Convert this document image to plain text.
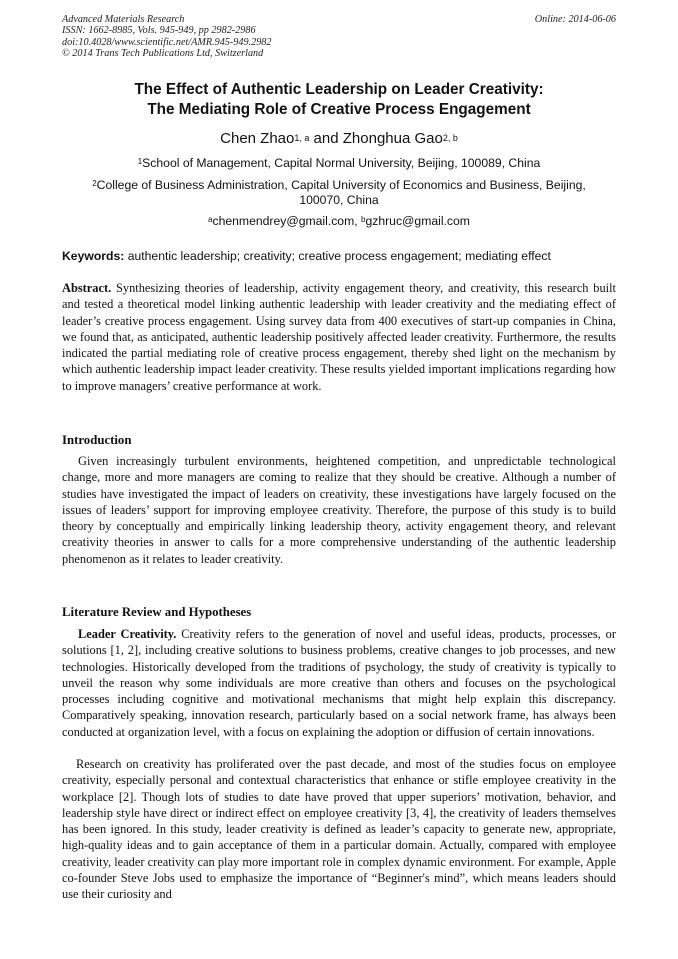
Advanced Materials Research
ISSN: 1662-8985, Vols. 945-949, pp 2982-2986
doi:10.4028/www.scientific.net/AMR.945-949.2982
© 2014 Trans Tech Publications Ltd, Switzerland
Online: 2014-06-06
The Effect of Authentic Leadership on Leader Creativity:
The Mediating Role of Creative Process Engagement
Chen Zhao$^{1, a}$ and Zhonghua Gao$^{2, b}$
$^1$School of Management, Capital Normal University, Beijing, 100089, China
$^2$College of Business Administration, Capital University of Economics and Business, Beijing,
100070, China
$^a$chenmendrey@gmail.com, $^b$gzhruc@gmail.com
Keywords: authentic leadership; creativity; creative process engagement; mediating effect
Abstract. Synthesizing theories of leadership, activity engagement theory, and creativity, this research built and tested a theoretical model linking authentic leadership with leader creativity and the mediating effect of leader’s creative process engagement. Using survey data from 400 executives of start-up companies in China, we found that, as anticipated, authentic leadership positively affected leader creativity. Furthermore, the results indicated the partial mediating role of creative process engagement, thereby shed light on the mechanism by which authentic leadership impact leader creativity. These results yielded important implications regarding how to improve managers’ creative performance at work.
Introduction
Given increasingly turbulent environments, heightened competition, and unpredictable technological change, more and more managers are coming to realize that they should be creative. Although a number of studies have investigated the impact of leaders on creativity, these investigations have largely focused on the issues of leaders’ support for improving employee creativity. Therefore, the purpose of this study is to build theory by conceptually and empirically linking leadership theory, activity engagement theory, and relevant creativity theories in answer to calls for a more comprehensive understanding of the authentic leadership phenomenon as it relates to leader creativity.
Literature Review and Hypotheses
Leader Creativity. Creativity refers to the generation of novel and useful ideas, products, processes, or solutions [1, 2], including creative solutions to business problems, creative changes to job processes, and new technologies. Historically developed from the traditions of psychology, the study of creativity is typically to unveil the reason why some individuals are more creative than others and focuses on the psychological processes including cognitive and motivational mechanisms that might help explain this discrepancy. Comparatively speaking, innovation research, particularly based on a social network frame, has always been conducted at organization level, with a focus on explaining the adoption or diffusion of certain innovations.
Research on creativity has proliferated over the past decade, and most of the studies focus on employee creativity, especially personal and contextual characteristics that enhance or stifle employee creativity in the workplace [2]. Though lots of studies to date have proved that upper superiors’ motivation, behavior, and leadership style have direct or indirect effect on employee creativity [3, 4], the creativity of leaders themselves has been ignored. In this study, leader creativity is defined as leader’s capacity to generate new, appropriate, high-quality ideas and to gain acceptance of them in a particular domain. Actually, compared with employee creativity, leader creativity can play more important role in complex dynamic environment. For example, Apple co-founder Steve Jobs used to emphasize the importance of “Beginner's mind”, which means leaders should use their curiosity and
